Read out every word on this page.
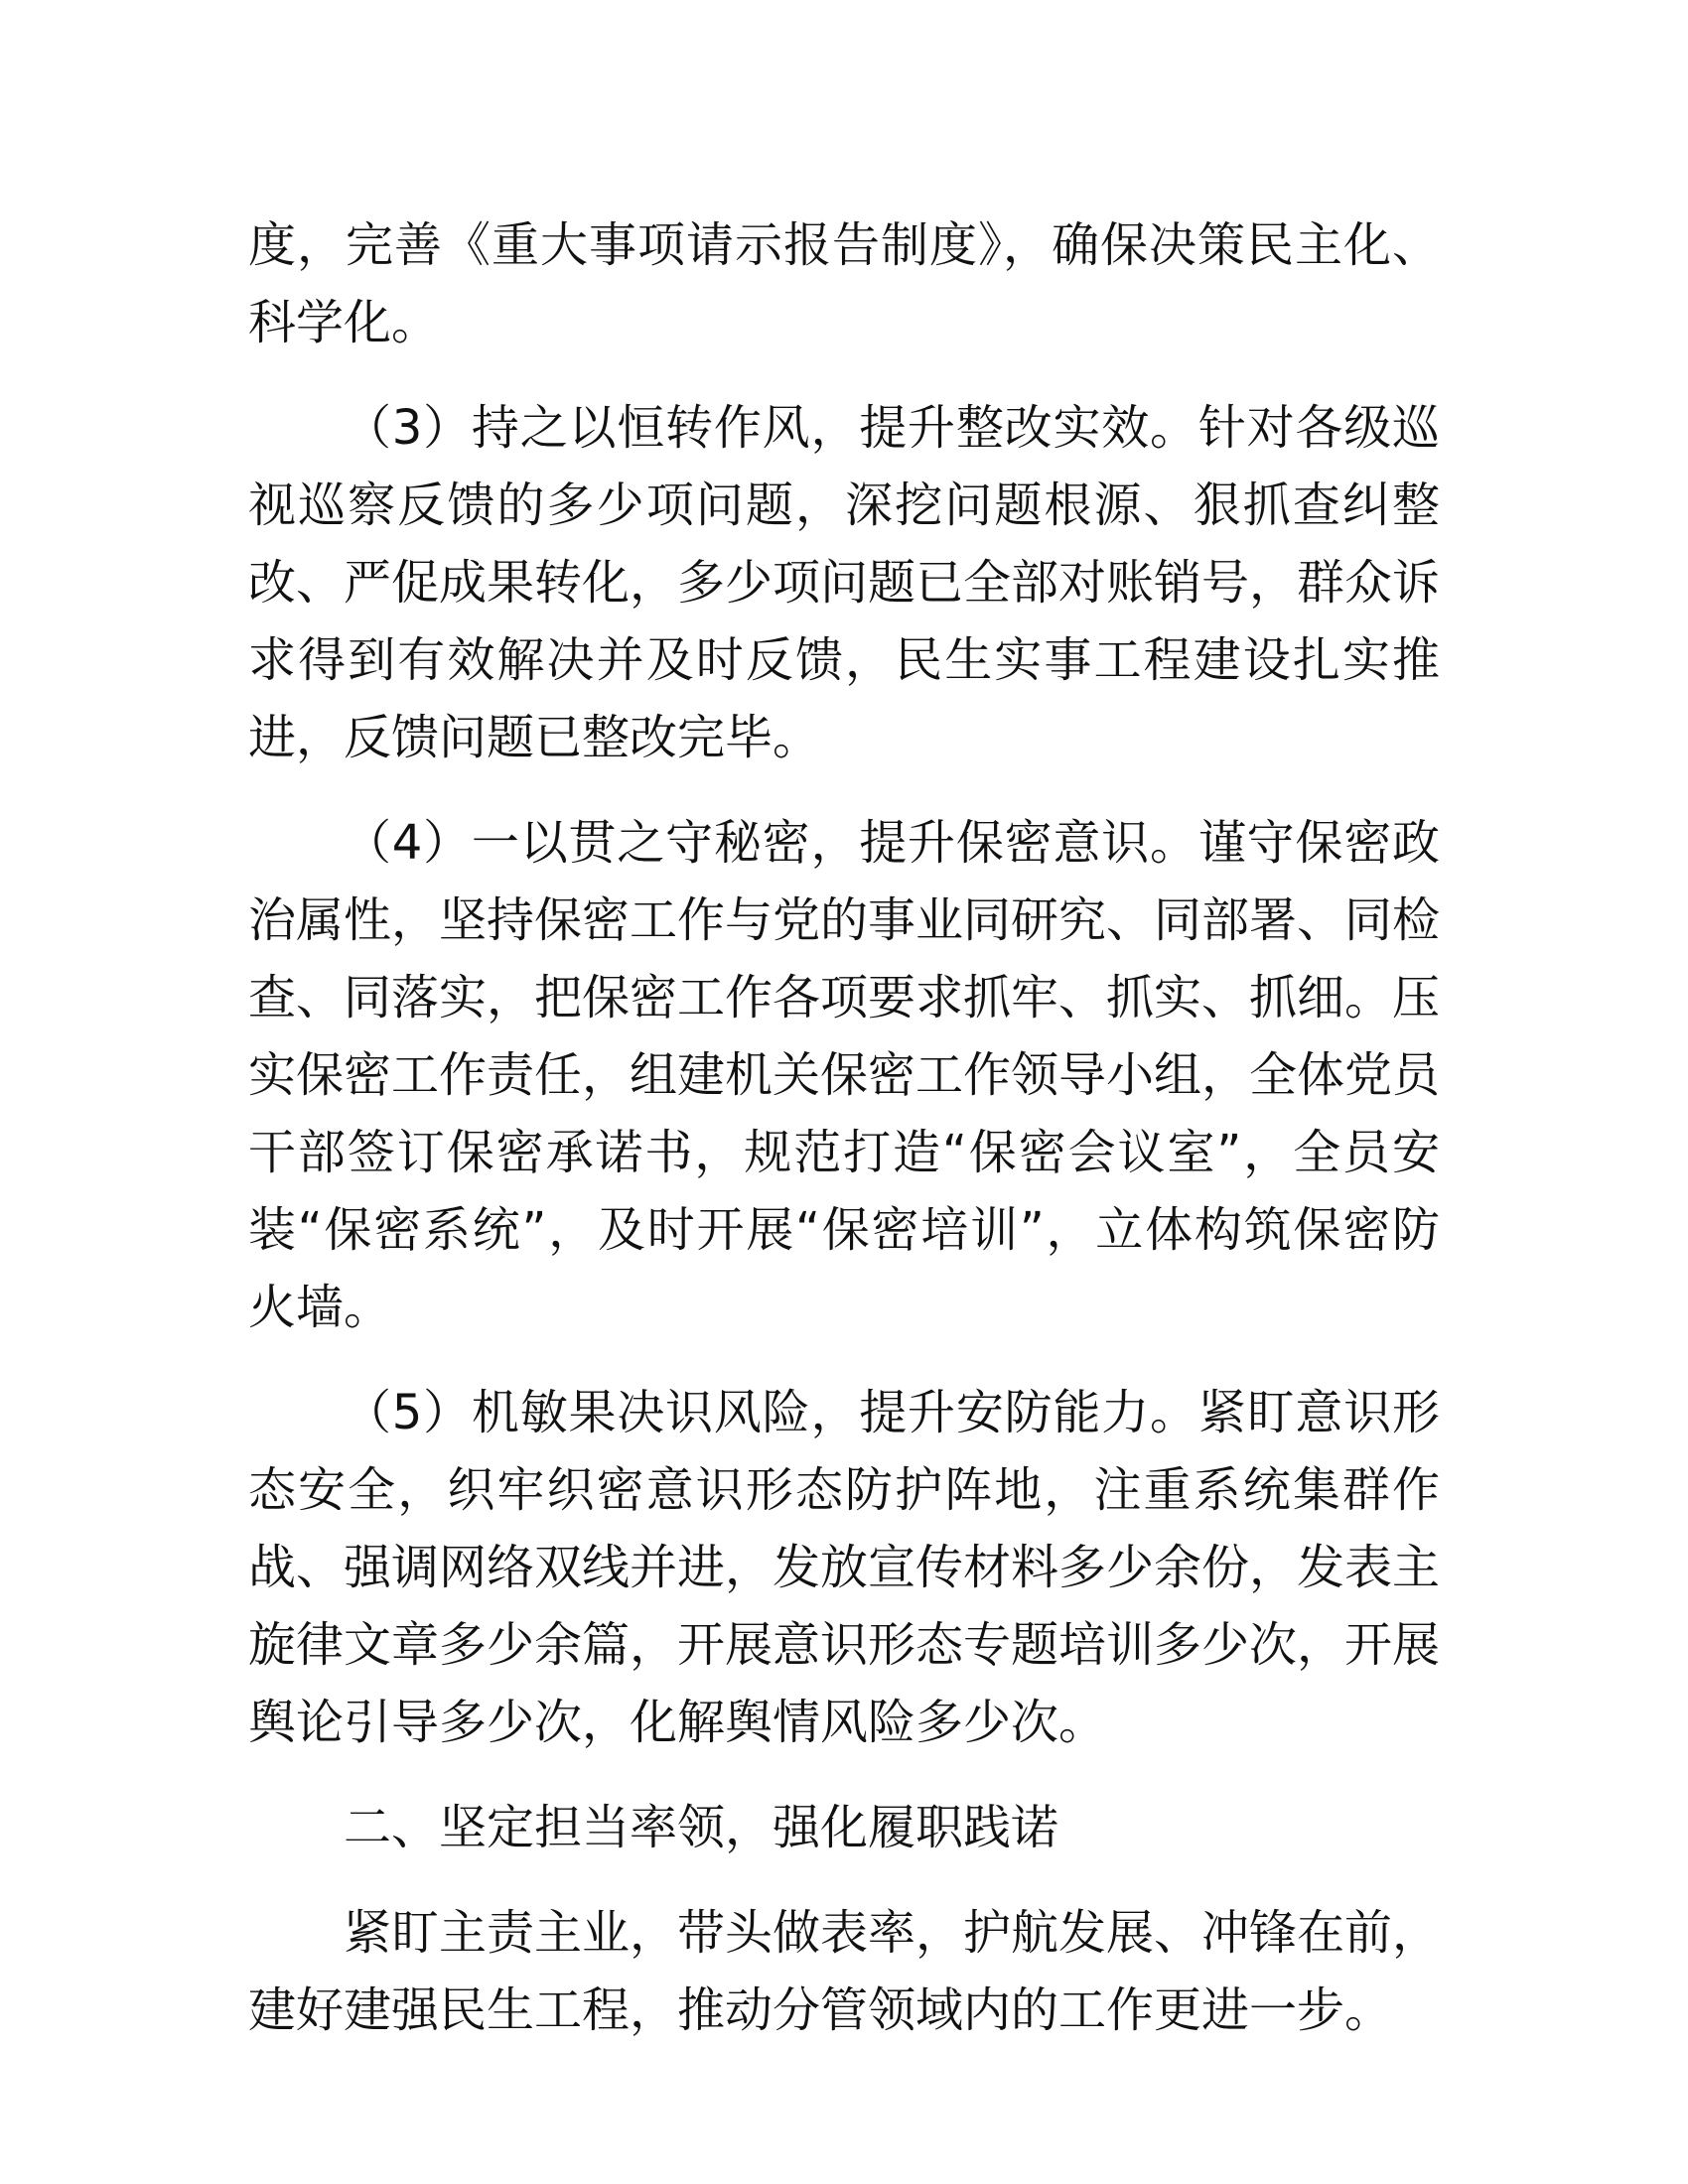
度，完善《重大事项请示报告制度》，确保决策民主化、科学化。

（3）持之以恒转作风，提升整改实效。针对各级巡视巡察反馈的多少项问题，深挖问题根源、狠抓查纠整改、严促成果转化，多少项问题已全部对账销号，群众诉求得到有效解决并及时反馈，民生实事工程建设扎实推进，反馈问题已整改完毕。

（4）一以贯之守秘密，提升保密意识。谨守保密政治属性，坚持保密工作与党的事业同研究、同部署、同检查、同落实，把保密工作各项要求抓牢、抓实、抓细。压实保密工作责任，组建机关保密工作领导小组，全体党员干部签订保密承诺书，规范打造“保密会议室”，全员安装“保密系统”，及时开展“保密培训”，立体构筑保密防火墙。

（5）机敏果决识风险，提升安防能力。紧盯意识形态安全，织牢织密意识形态防护阵地，注重系统集群作战、强调网络双线并进，发放宣传材料多少余份，发表主旋律文章多少余篇，开展意识形态专题培训多少次，开展舆论引导多少次，化解舆情风险多少次。

二、坚定担当率领，强化履职践诺

紧盯主责主业，带头做表率，护航发展、冲锋在前，建好建强民生工程，推动分管领域内的工作更进一步。
